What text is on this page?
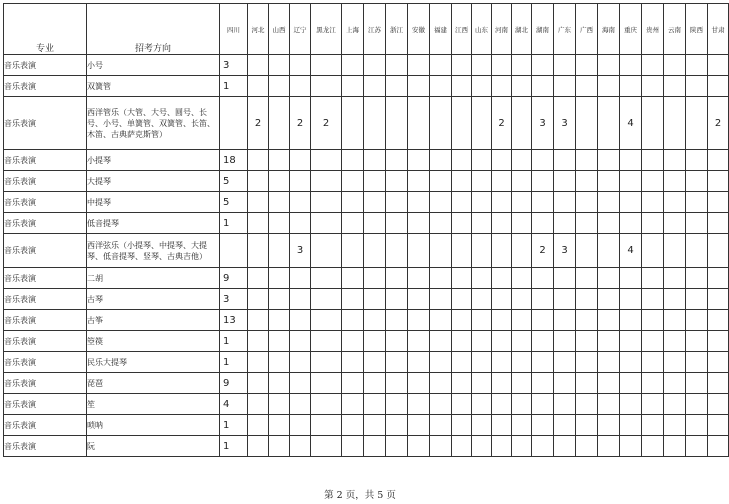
专业	招考方向	四川	河北	山西	辽宁	黑龙江	上海	江苏	浙江	安徽	福建	江西	山东	河南	湖北	湖南	广东	广西	海南	重庆	贵州	云南	陕西	甘肃
音乐表演	小号	3																						
音乐表演	双簧管	1																						
音乐表演	西洋管乐（大管、大号、圆号、长号、小号、单簧管、双簧管、长笛、木笛、古典萨克斯管）		2		2	2								2		3	3			4				2
音乐表演	小提琴	18																						
音乐表演	大提琴	5																						
音乐表演	中提琴	5																						
音乐表演	低音提琴	1																						
音乐表演	西洋弦乐（小提琴、中提琴、大提琴、低音提琴、竖琴、古典吉他）				3											2	3			4				
音乐表演	二胡	9																						
音乐表演	古琴	3																						
音乐表演	古筝	13																						
音乐表演	箜篌	1																						
音乐表演	民乐大提琴	1																						
音乐表演	琵琶	9																						
音乐表演	笙	4																						
音乐表演	唢呐	1																						
音乐表演	阮	1																						
第 2 页，共 5 页
